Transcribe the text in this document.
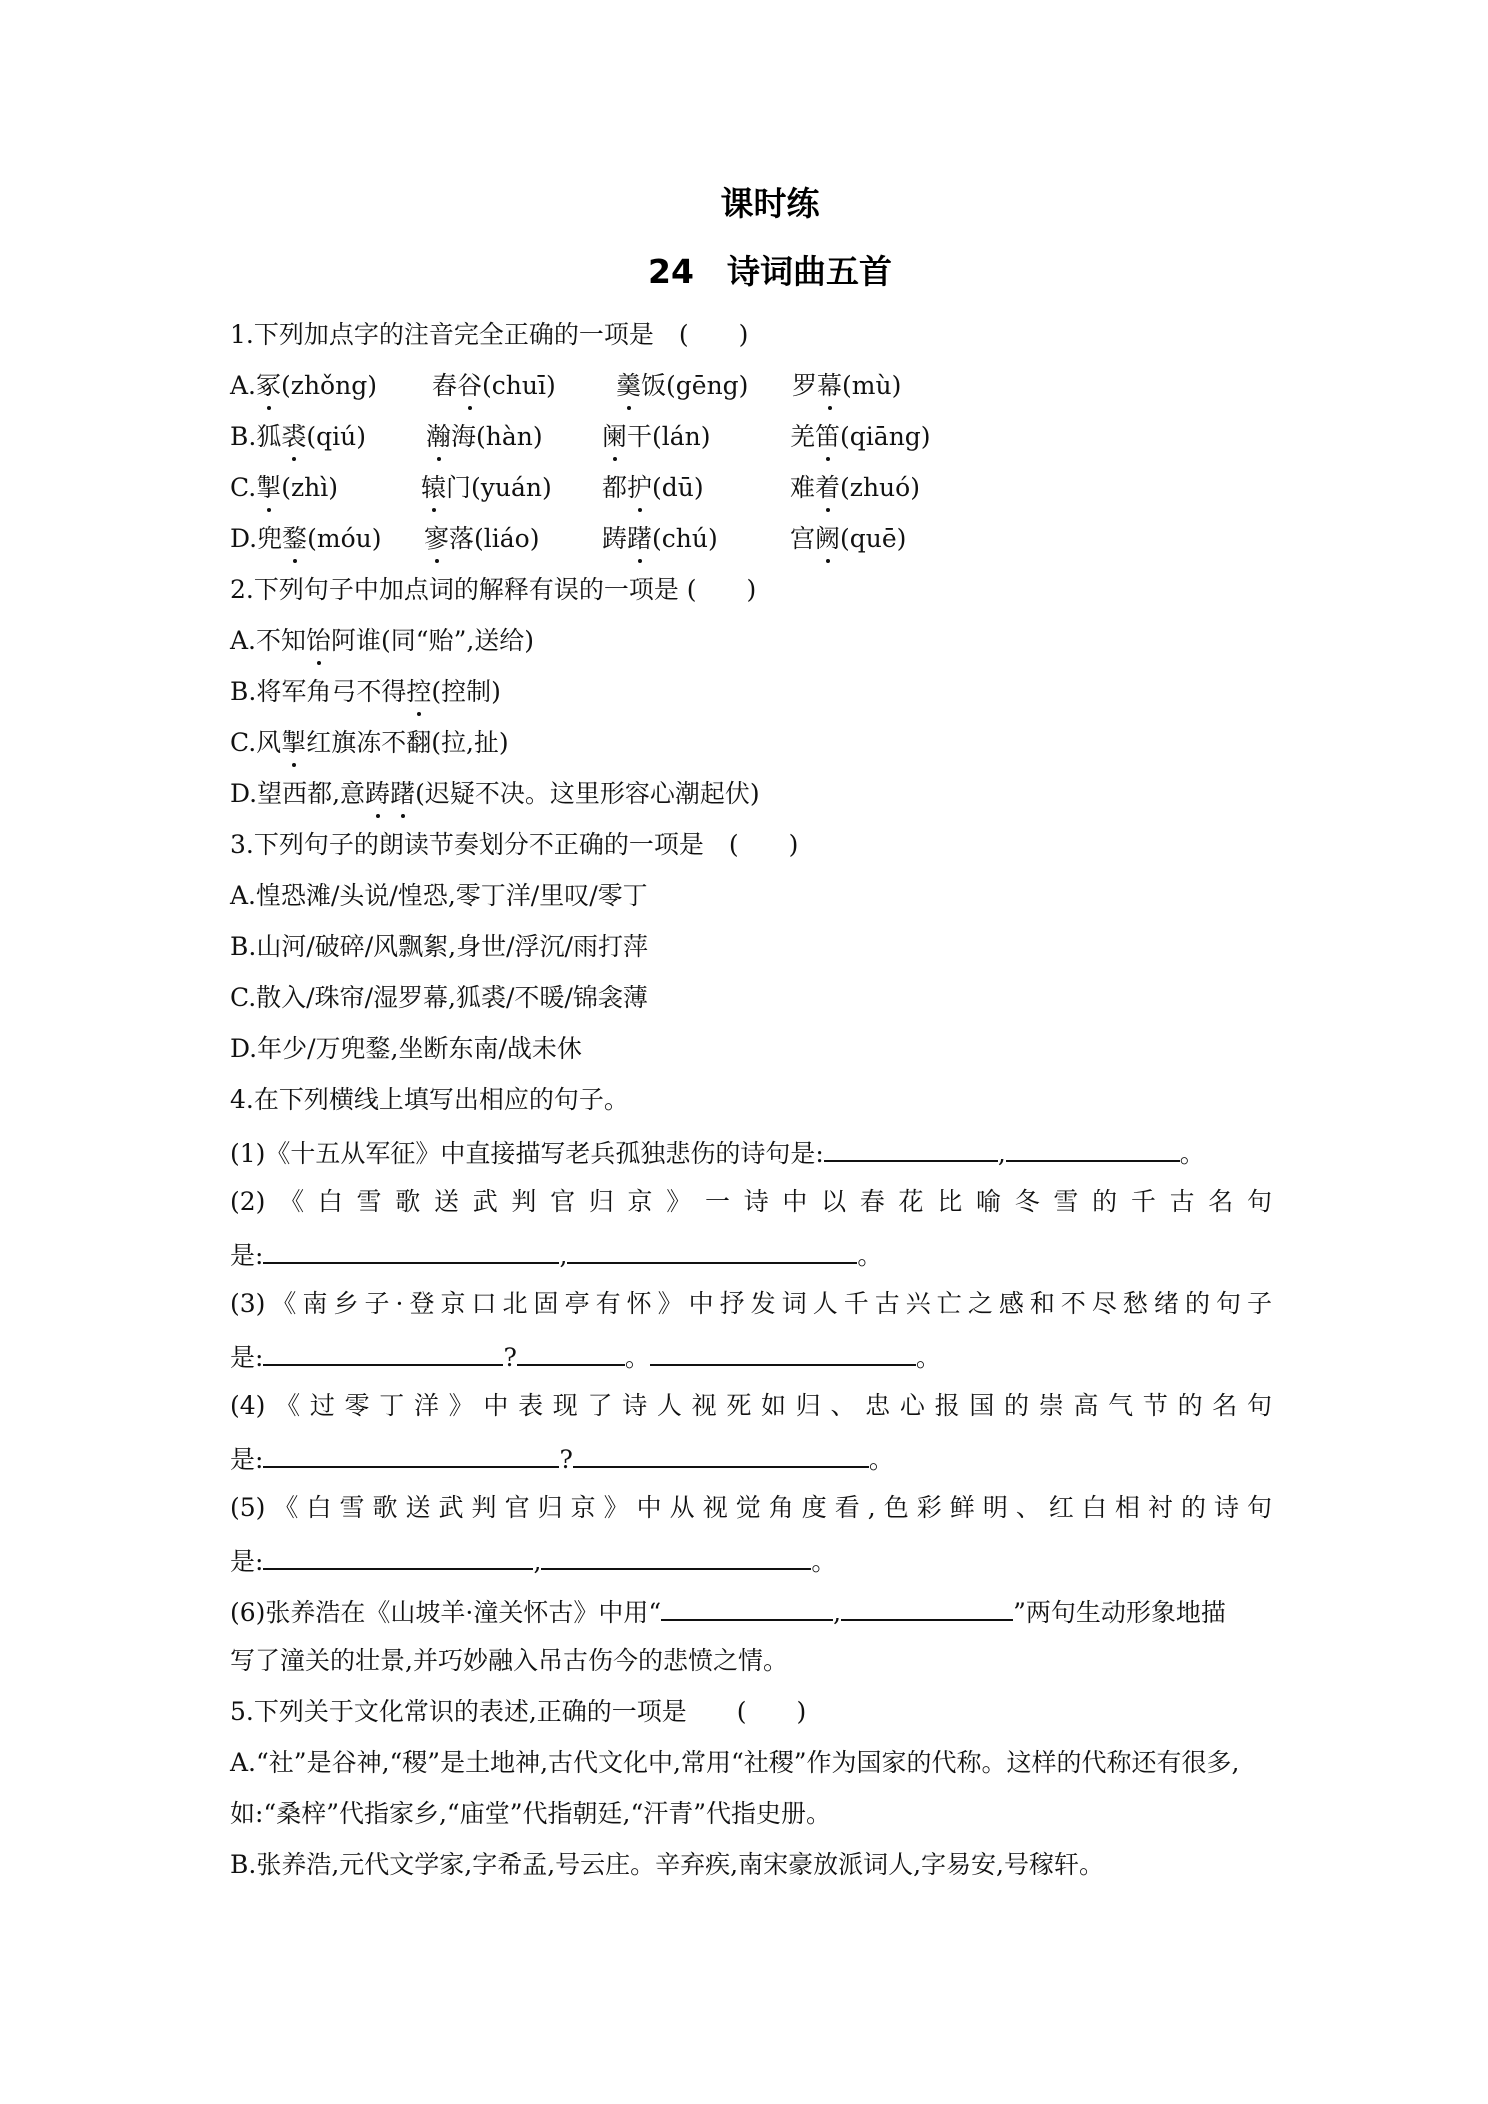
课时练
24　诗词曲五首
1.下列加点字的注音完全正确的一项是　(　　)
A.冢(zhǒng)	舂谷(chuī)	羹饭(gēng)	罗幕(mù)
B.狐裘(qiú)	瀚海(hàn)	阑干(lán)	羌笛(qiāng)
C.掣(zhì)	辕门(yuán)	都护(dū)	难着(zhuó)
D.兜鍪(móu)	寥落(liáo)	踌躇(chú)	宫阙(quē)
2.下列句子中加点词的解释有误的一项是 (　　)
A.不知饴阿谁(同“贻”,送给)
B.将军角弓不得控(控制)
C.风掣红旗冻不翻(拉,扯)
D.望西都,意踌躇(迟疑不决。这里形容心潮起伏)
3.下列句子的朗读节奏划分不正确的一项是　(　　)
A.惶恐滩/头说/惶恐,零丁洋/里叹/零丁
B.山河/破碎/风飘絮,身世/浮沉/雨打萍
C.散入/珠帘/湿罗幕,狐裘/不暖/锦衾薄
D.年少/万兜鍪,坐断东南/战未休
4.在下列横线上填写出相应的句子。
(1)《十五从军征》中直接描写老兵孤独悲伤的诗句是:	,	。
(2)《白雪歌送武判官归京》一诗中以春花比喻冬雪的千古名句
是:	,	。
(3)《南乡子·登京口北固亭有怀》中抒发词人千古兴亡之感和不尽愁绪的句子
是:	?	。	。
(4)《过零丁洋》中表现了诗人视死如归、忠心报国的崇高气节的名句
是:	?	。
(5)《白雪歌送武判官归京》中从视觉角度看,色彩鲜明、红白相衬的诗句
是:	,	。
(6)张养浩在《山坡羊·潼关怀古》中用“	,	”两句生动形象地描
写了潼关的壮景,并巧妙融入吊古伤今的悲愤之情。
5.下列关于文化常识的表述,正确的一项是　　(　　)
A.“社”是谷神,“稷”是土地神,古代文化中,常用“社稷”作为国家的代称。这样的代称还有很多,
如:“桑梓”代指家乡,“庙堂”代指朝廷,“汗青”代指史册。
B.张养浩,元代文学家,字希孟,号云庄。辛弃疾,南宋豪放派词人,字易安,号稼轩。
